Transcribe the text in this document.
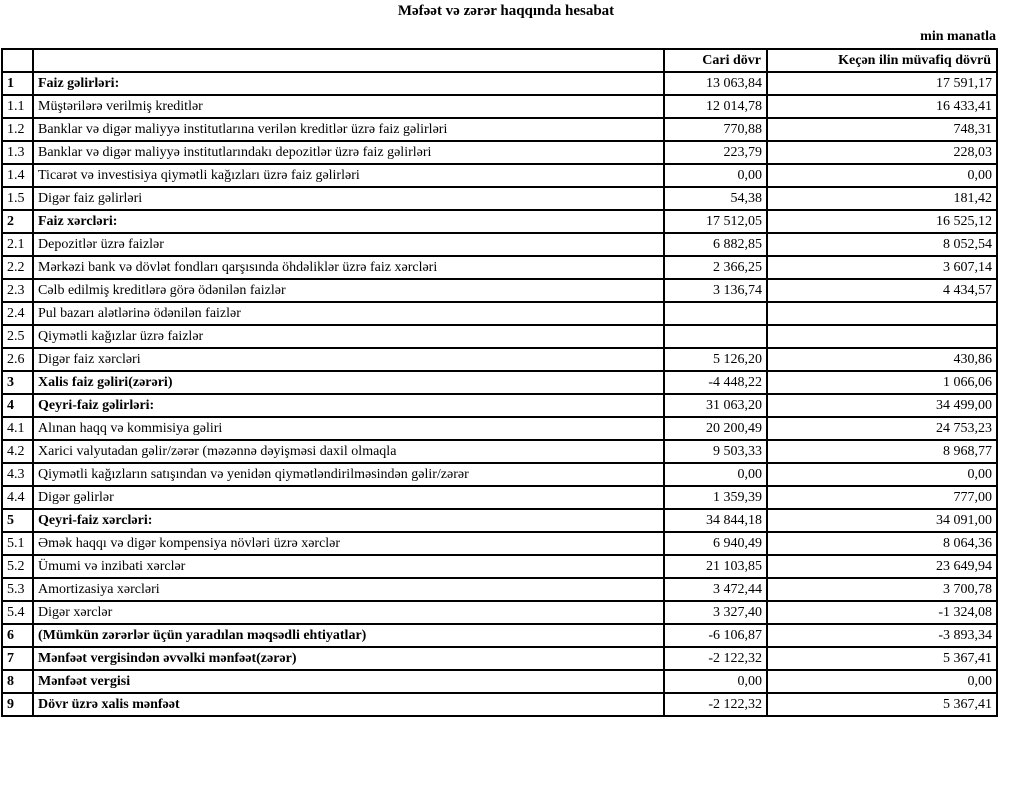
Məfəət və zərər haqqında hesabat
min manatla
		Cari dövr	Keçən ilin müvafiq dövrü
1	Faiz gəlirləri:	13 063,84	17 591,17
1.1	Müştərilərə verilmiş kreditlər	12 014,78	16 433,41
1.2	Banklar və digər maliyyə institutlarına verilən kreditlər üzrə faiz gəlirləri	770,88	748,31
1.3	Banklar və digər maliyyə institutlarındakı depozitlər üzrə faiz gəlirləri	223,79	228,03
1.4	Ticarət və investisiya qiymətli kağızları üzrə faiz gəlirləri	0,00	0,00
1.5	Digər faiz gəlirləri	54,38	181,42
2	Faiz xərcləri:	17 512,05	16 525,12
2.1	Depozitlər üzrə faizlər	6 882,85	8 052,54
2.2	Mərkəzi bank və dövlət fondları qarşısında öhdəliklər üzrə faiz xərcləri	2 366,25	3 607,14
2.3	Cəlb edilmiş kreditlərə görə ödənilən faizlər	3 136,74	4 434,57
2.4	Pul bazarı alətlərinə ödənilən faizlər		
2.5	Qiymətli kağızlar üzrə faizlər		
2.6	Digər faiz xərcləri	5 126,20	430,86
3	Xalis faiz gəliri(zərəri)	-4 448,22	1 066,06
4	Qeyri-faiz gəlirləri:	31 063,20	34 499,00
4.1	Alınan haqq və kommisiya gəliri	20 200,49	24 753,23
4.2	Xarici valyutadan gəlir/zərər (məzənnə dəyişməsi daxil olmaqla	9 503,33	8 968,77
4.3	Qiymətli kağızların satışından və yenidən qiymətləndirilməsindən gəlir/zərər	0,00	0,00
4.4	Digər gəlirlər	1 359,39	777,00
5	Qeyri-faiz xərcləri:	34 844,18	34 091,00
5.1	Əmək haqqı və digər kompensiya növləri üzrə xərclər	6 940,49	8 064,36
5.2	Ümumi və inzibati xərclər	21 103,85	23 649,94
5.3	Amortizasiya xərcləri	3 472,44	3 700,78
5.4	Digər xərclər	3 327,40	-1 324,08
6	(Mümkün zərərlər üçün yaradılan məqsədli ehtiyatlar)	-6 106,87	-3 893,34
7	Mənfəət vergisindən əvvəlki mənfəət(zərər)	-2 122,32	5 367,41
8	Mənfəət vergisi	0,00	0,00
9	Dövr üzrə xalis mənfəət	-2 122,32	5 367,41
